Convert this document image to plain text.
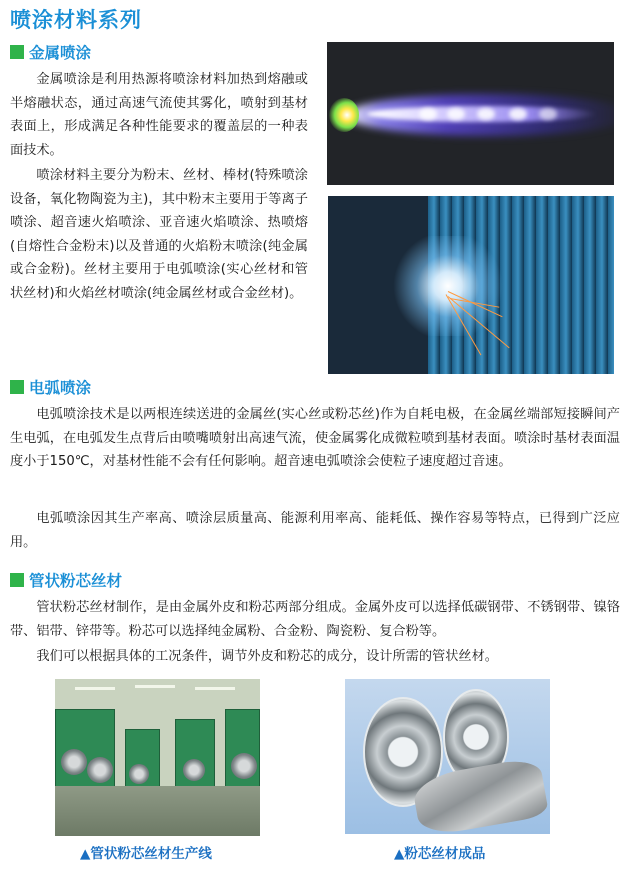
喷涂材料系列
金属喷涂

金属喷涂是利用热源将喷涂材料加热到熔融或半熔融状态，通过高速气流使其雾化，喷射到基材表面上，形成满足各种性能要求的覆盖层的一种表面技术。

喷涂材料主要分为粉末、丝材、棒材(特殊喷涂设备，氧化物陶瓷为主)，其中粉末主要用于等离子喷涂、超音速火焰喷涂、亚音速火焰喷涂、热喷熔(自熔性合金粉末)以及普通的火焰粉末喷涂(纯金属或合金粉)。丝材主要用于电弧喷涂(实心丝材和管状丝材)和火焰丝材喷涂(纯金属丝材或合金丝材)。

电弧喷涂

电弧喷涂技术是以两根连续送进的金属丝(实心丝或粉芯丝)作为自耗电极，在金属丝端部短接瞬间产生电弧，在电弧发生点背后由喷嘴喷射出高速气流，使金属雾化成微粒喷到基材表面。喷涂时基材表面温度小于150℃，对基材性能不会有任何影响。超音速电弧喷涂会使粒子速度超过音速。

电弧喷涂因其生产率高、喷涂层质量高、能源利用率高、能耗低、操作容易等特点，已得到广泛应用。

管状粉芯丝材

管状粉芯丝材制作，是由金属外皮和粉芯两部分组成。金属外皮可以选择低碳钢带、不锈钢带、镍铬带、铝带、锌带等。粉芯可以选择纯金属粉、合金粉、陶瓷粉、复合粉等。

我们可以根据具体的工况条件，调节外皮和粉芯的成分，设计所需的管状丝材。

▲管状粉芯丝材生产线	▲粉芯丝材成品
